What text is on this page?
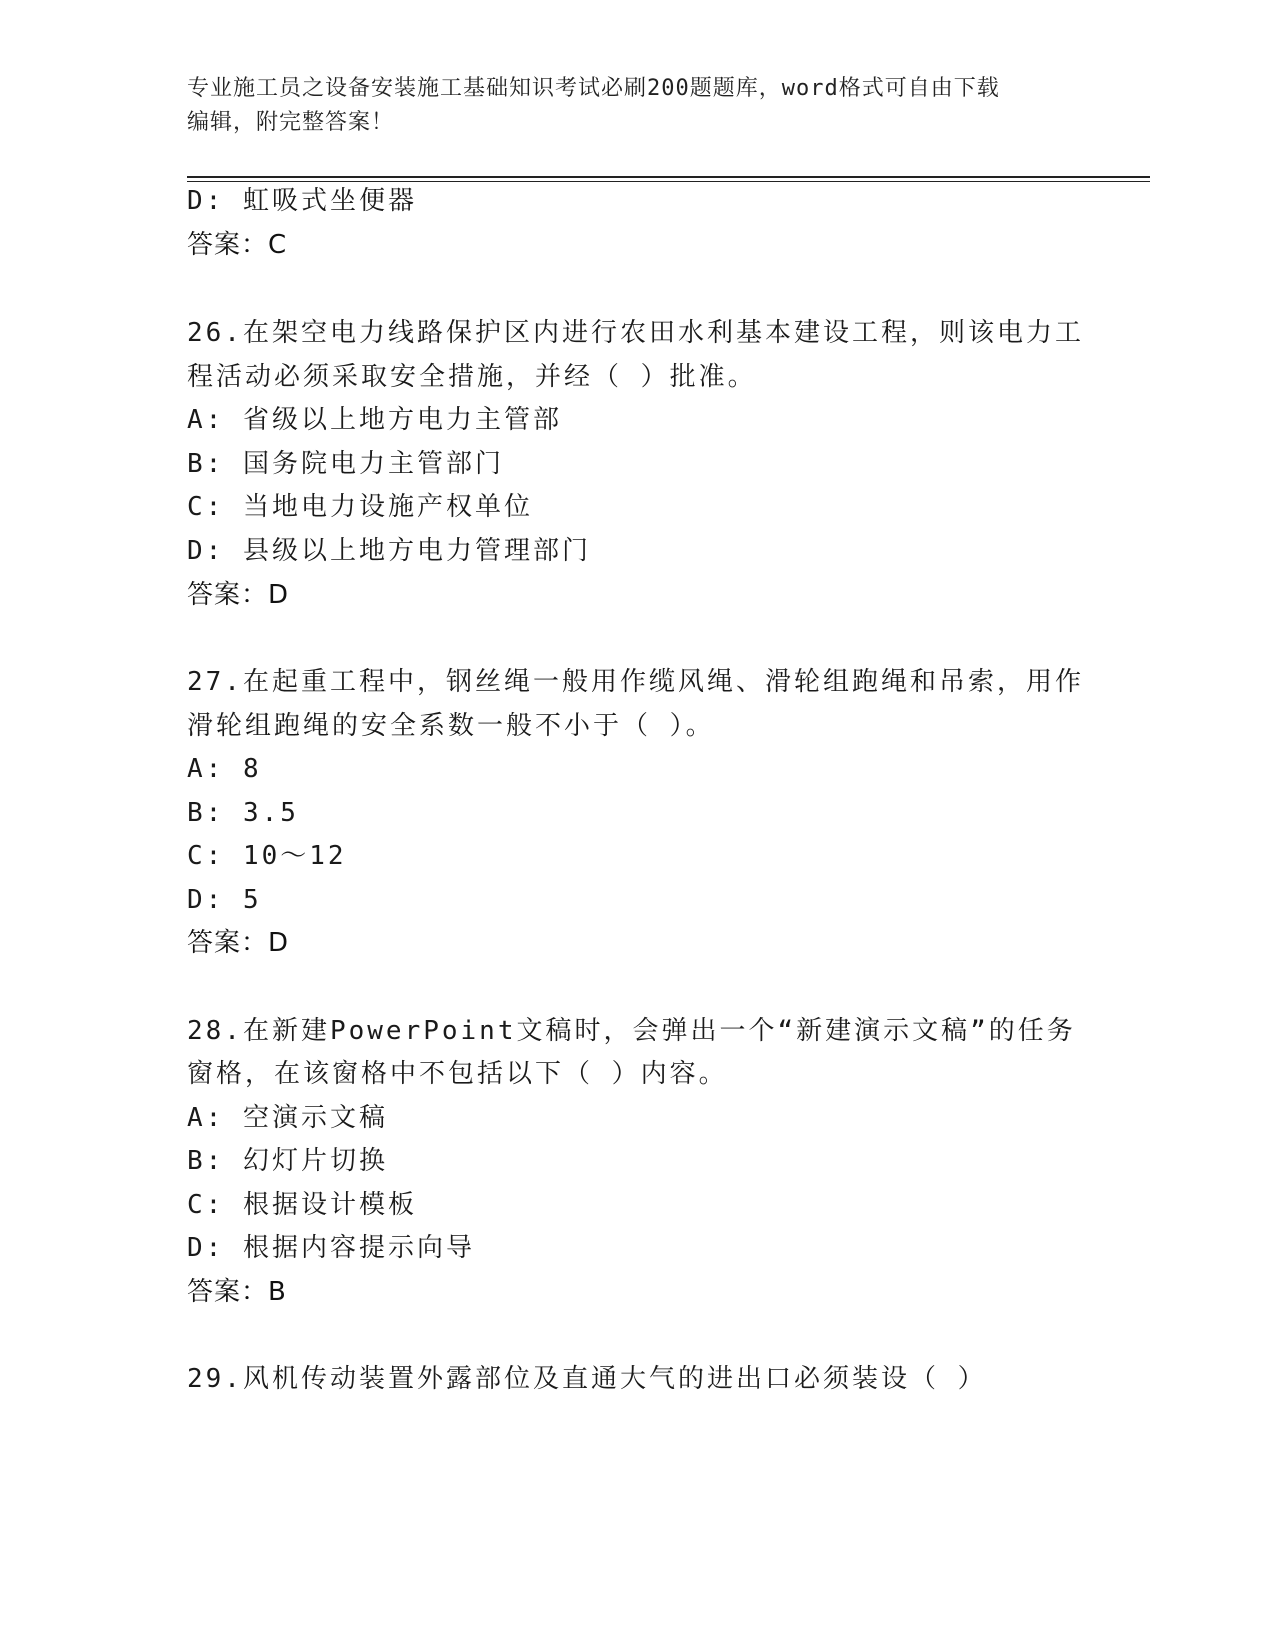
专业施工员之设备安装施工基础知识考试必刷200题题库，word格式可自由下载
编辑，附完整答案！
D: 虹吸式坐便器
答案：C
26.在架空电力线路保护区内进行农田水利基本建设工程，则该电力工
程活动必须采取安全措施，并经（ ）批准。
A: 省级以上地方电力主管部
B: 国务院电力主管部门
C: 当地电力设施产权单位
D: 县级以上地方电力管理部门
答案：D
27.在起重工程中，钢丝绳一般用作缆风绳、滑轮组跑绳和吊索，用作
滑轮组跑绳的安全系数一般不小于（ ）。
A: 8
B: 3.5
C: 10～12
D: 5
答案：D
28.在新建PowerPoint文稿时，会弹出一个“新建演示文稿”的任务
窗格，在该窗格中不包括以下（ ）内容。
A: 空演示文稿
B: 幻灯片切换
C: 根据设计模板
D: 根据内容提示向导
答案：B
29.风机传动装置外露部位及直通大气的进出口必须装设（ ）
